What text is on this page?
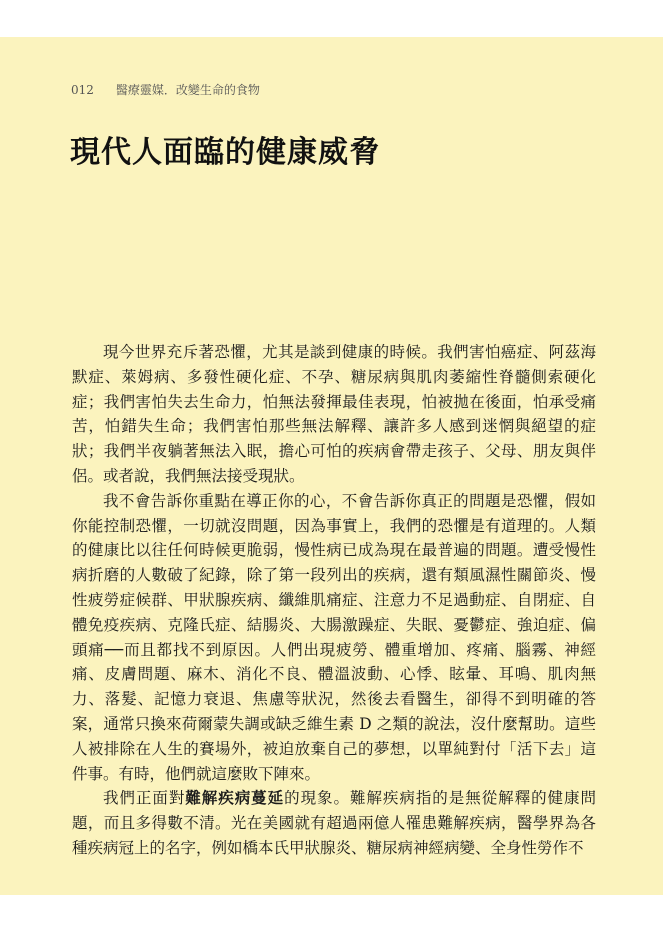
012 醫療靈媒．改變生命的食物
現代人面臨的健康威脅

現今世界充斥著恐懼，尤其是談到健康的時候。我們害怕癌症、阿茲海默症、萊姆病、多發性硬化症、不孕、糖尿病與肌肉萎縮性脊髓側索硬化症；我們害怕失去生命力，怕無法發揮最佳表現，怕被拋在後面，怕承受痛苦，怕錯失生命；我們害怕那些無法解釋、讓許多人感到迷惘與絕望的症狀；我們半夜躺著無法入眠，擔心可怕的疾病會帶走孩子、父母、朋友與伴侶。或者說，我們無法接受現狀。

我不會告訴你重點在導正你的心，不會告訴你真正的問題是恐懼，假如你能控制恐懼，一切就沒問題，因為事實上，我們的恐懼是有道理的。人類的健康比以往任何時候更脆弱，慢性病已成為現在最普遍的問題。遭受慢性病折磨的人數破了紀錄，除了第一段列出的疾病，還有類風濕性關節炎、慢性疲勞症候群、甲狀腺疾病、纖維肌痛症、注意力不足過動症、自閉症、自體免疫疾病、克隆氏症、結腸炎、大腸激躁症、失眠、憂鬱症、強迫症、偏頭痛──而且都找不到原因。人們出現疲勞、體重增加、疼痛、腦霧、神經痛、皮膚問題、麻木、消化不良、體溫波動、心悸、眩暈、耳鳴、肌肉無力、落髮、記憶力衰退、焦慮等狀況，然後去看醫生，卻得不到明確的答案，通常只換來荷爾蒙失調或缺乏維生素 D 之類的說法，沒什麼幫助。這些人被排除在人生的賽場外，被迫放棄自己的夢想，以單純對付「活下去」這件事。有時，他們就這麼敗下陣來。

我們正面對難解疾病蔓延的現象。難解疾病指的是無從解釋的健康問題，而且多得數不清。光在美國就有超過兩億人罹患難解疾病，醫學界為各種疾病冠上的名字，例如橋本氏甲狀腺炎、糖尿病神經病變、全身性勞作不
